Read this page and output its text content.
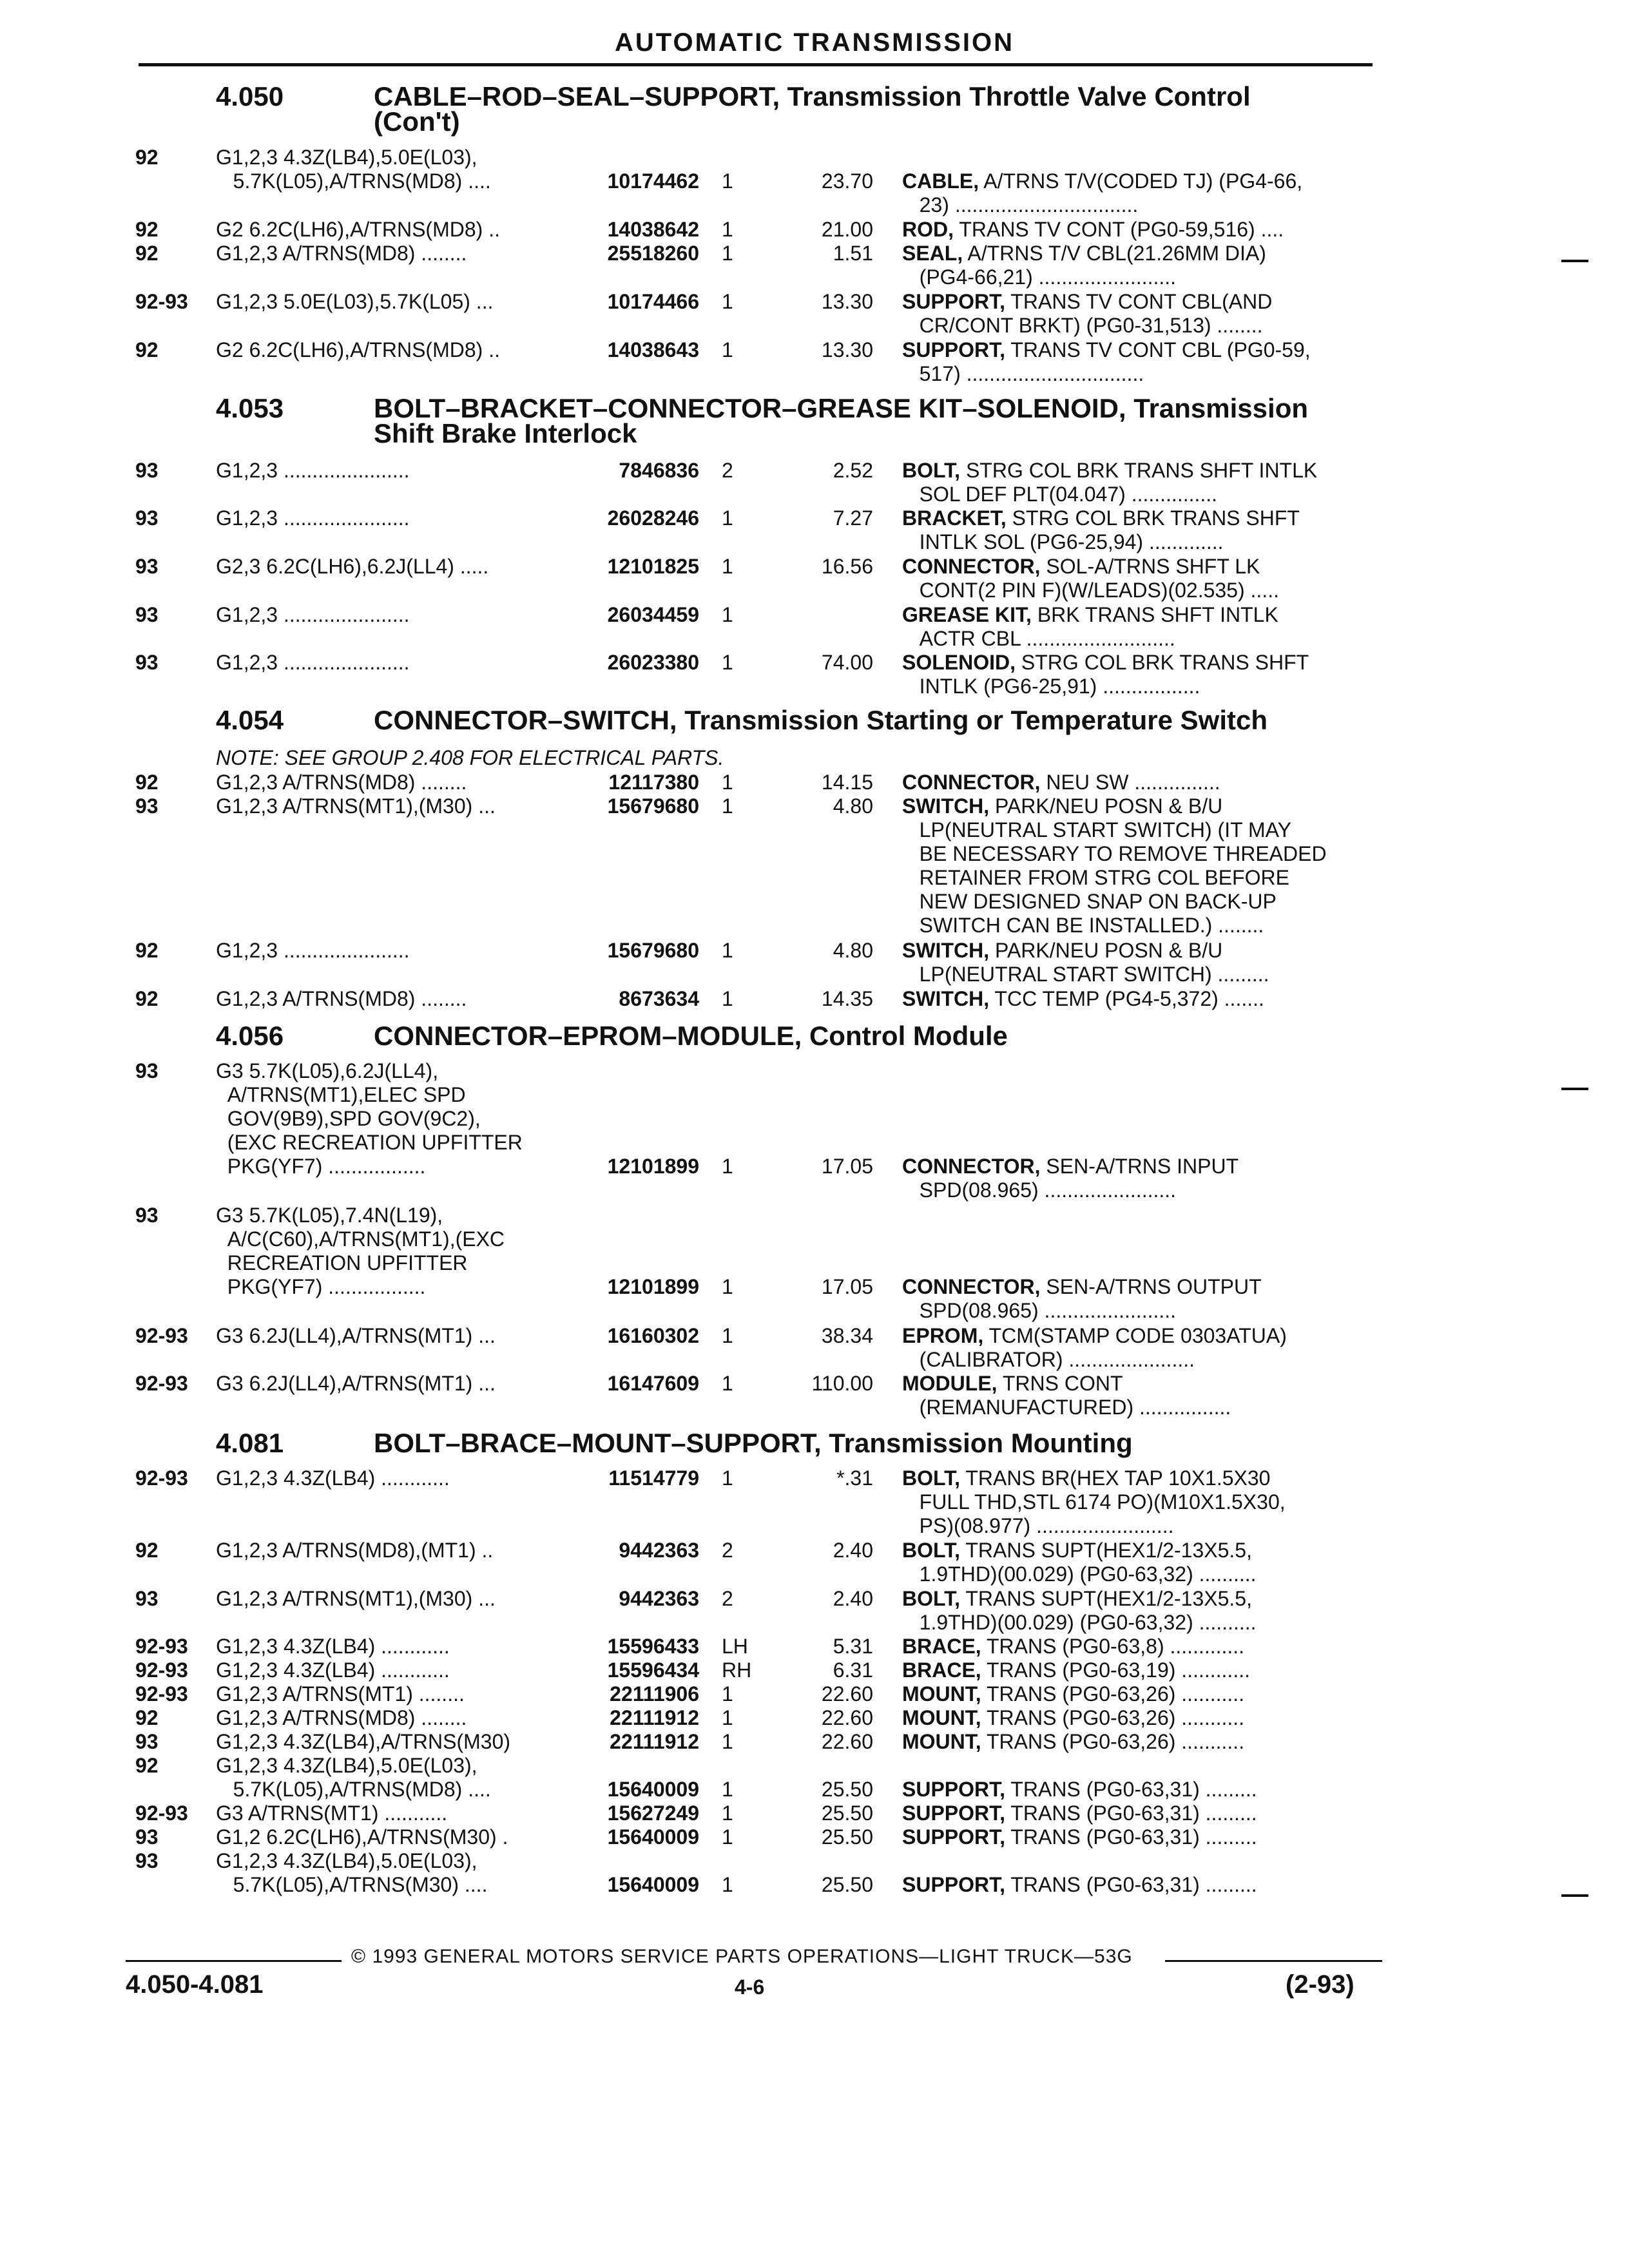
AUTOMATIC TRANSMISSION
4.050	CABLE–ROD–SEAL–SUPPORT, Transmission Throttle Valve Control
(Con't)
4.053	BOLT–BRACKET–CONNECTOR–GREASE KIT–SOLENOID, Transmission
Shift Brake Interlock
4.054	CONNECTOR–SWITCH, Transmission Starting or Temperature Switch
4.056	CONNECTOR–EPROM–MODULE, Control Module
4.081	BOLT–BRACE–MOUNT–SUPPORT, Transmission Mounting
NOTE: SEE GROUP 2.408 FOR ELECTRICAL PARTS.
92	G1,2,3 4.3Z(LB4),5.0E(L03),
5.7K(L05),A/TRNS(MD8) ....	10174462 1	23.70 CABLE, A/TRNS T/V(CODED TJ) (PG4-66,
23) ................................
92	G2 6.2C(LH6),A/TRNS(MD8) ..	14038642 1	21.00 ROD, TRANS TV CONT (PG0-59,516) ....
92	G1,2,3 A/TRNS(MD8) ........	25518260 1	1.51 SEAL, A/TRNS T/V CBL(21.26MM DIA)
(PG4-66,21) ........................
92-93	G1,2,3 5.0E(L03),5.7K(L05) ...	10174466 1	13.30 SUPPORT, TRANS TV CONT CBL(AND
CR/CONT BRKT) (PG0-31,513) ........
92	G2 6.2C(LH6),A/TRNS(MD8) ..	14038643 1	13.30 SUPPORT, TRANS TV CONT CBL (PG0-59,
517) ...............................
93	G1,2,3 ......................	7846836 2	2.52 BOLT, STRG COL BRK TRANS SHFT INTLK
SOL DEF PLT(04.047) ...............
93	G1,2,3 ......................	26028246 1	7.27 BRACKET, STRG COL BRK TRANS SHFT
INTLK SOL (PG6-25,94) .............
93	G2,3 6.2C(LH6),6.2J(LL4) .....	12101825 1	16.56 CONNECTOR, SOL-A/TRNS SHFT LK
CONT(2 PIN F)(W/LEADS)(02.535) .....
93	G1,2,3 ......................	26034459 1	GREASE KIT, BRK TRANS SHFT INTLK
ACTR CBL ..........................
93	G1,2,3 ......................	26023380 1	74.00 SOLENOID, STRG COL BRK TRANS SHFT
INTLK (PG6-25,91) .................
92	G1,2,3 A/TRNS(MD8) ........	12117380 1	14.15 CONNECTOR, NEU SW ...............
93	G1,2,3 A/TRNS(MT1),(M30) ...	15679680 1	4.80 SWITCH, PARK/NEU POSN & B/U
LP(NEUTRAL START SWITCH) (IT MAY
BE NECESSARY TO REMOVE THREADED
RETAINER FROM STRG COL BEFORE
NEW DESIGNED SNAP ON BACK-UP
SWITCH CAN BE INSTALLED.) ........
92	G1,2,3 ......................	15679680 1	4.80 SWITCH, PARK/NEU POSN & B/U
LP(NEUTRAL START SWITCH) .........
92	G1,2,3 A/TRNS(MD8) ........	8673634 1	14.35 SWITCH, TCC TEMP (PG4-5,372) .......
93	G3 5.7K(L05),6.2J(LL4),
A/TRNS(MT1),ELEC SPD
GOV(9B9),SPD GOV(9C2),
(EXC RECREATION UPFITTER
PKG(YF7) .................	12101899 1	17.05 CONNECTOR, SEN-A/TRNS INPUT
SPD(08.965) .......................
93	G3 5.7K(L05),7.4N(L19),
A/C(C60),A/TRNS(MT1),(EXC
RECREATION UPFITTER
PKG(YF7) .................	12101899 1	17.05 CONNECTOR, SEN-A/TRNS OUTPUT
SPD(08.965) .......................
92-93	G3 6.2J(LL4),A/TRNS(MT1) ...	16160302 1	38.34 EPROM, TCM(STAMP CODE 0303ATUA)
(CALIBRATOR) ......................
92-93	G3 6.2J(LL4),A/TRNS(MT1) ...	16147609 1	110.00 MODULE, TRNS CONT
(REMANUFACTURED) ................
92-93	G1,2,3 4.3Z(LB4) ............	11514779 1	*.31 BOLT, TRANS BR(HEX TAP 10X1.5X30
FULL THD,STL 6174 PO)(M10X1.5X30,
PS)(08.977) ........................
92	G1,2,3 A/TRNS(MD8),(MT1) ..	9442363 2	2.40 BOLT, TRANS SUPT(HEX1/2-13X5.5,
1.9THD)(00.029) (PG0-63,32) ..........
93	G1,2,3 A/TRNS(MT1),(M30) ...	9442363 2	2.40 BOLT, TRANS SUPT(HEX1/2-13X5.5,
1.9THD)(00.029) (PG0-63,32) ..........
92-93	G1,2,3 4.3Z(LB4) ............	15596433 LH	5.31 BRACE, TRANS (PG0-63,8) .............
92-93	G1,2,3 4.3Z(LB4) ............	15596434 RH	6.31 BRACE, TRANS (PG0-63,19) ............
92-93	G1,2,3 A/TRNS(MT1) ........	22111906 1	22.60 MOUNT, TRANS (PG0-63,26) ...........
92	G1,2,3 A/TRNS(MD8) ........	22111912 1	22.60 MOUNT, TRANS (PG0-63,26) ...........
93	G1,2,3 4.3Z(LB4),A/TRNS(M30)	22111912 1	22.60 MOUNT, TRANS (PG0-63,26) ...........
92	G1,2,3 4.3Z(LB4),5.0E(L03),
5.7K(L05),A/TRNS(MD8) ....	15640009 1	25.50 SUPPORT, TRANS (PG0-63,31) .........
92-93	G3 A/TRNS(MT1) ...........	15627249 1	25.50 SUPPORT, TRANS (PG0-63,31) .........
93	G1,2 6.2C(LH6),A/TRNS(M30) .	15640009 1	25.50 SUPPORT, TRANS (PG0-63,31) .........
93	G1,2,3 4.3Z(LB4),5.0E(L03),
5.7K(L05),A/TRNS(M30) ....	15640009 1	25.50 SUPPORT, TRANS (PG0-63,31) .........
© 1993 GENERAL MOTORS SERVICE PARTS OPERATIONS—LIGHT TRUCK—53G
4.050-4.081	4-6	(2-93)
